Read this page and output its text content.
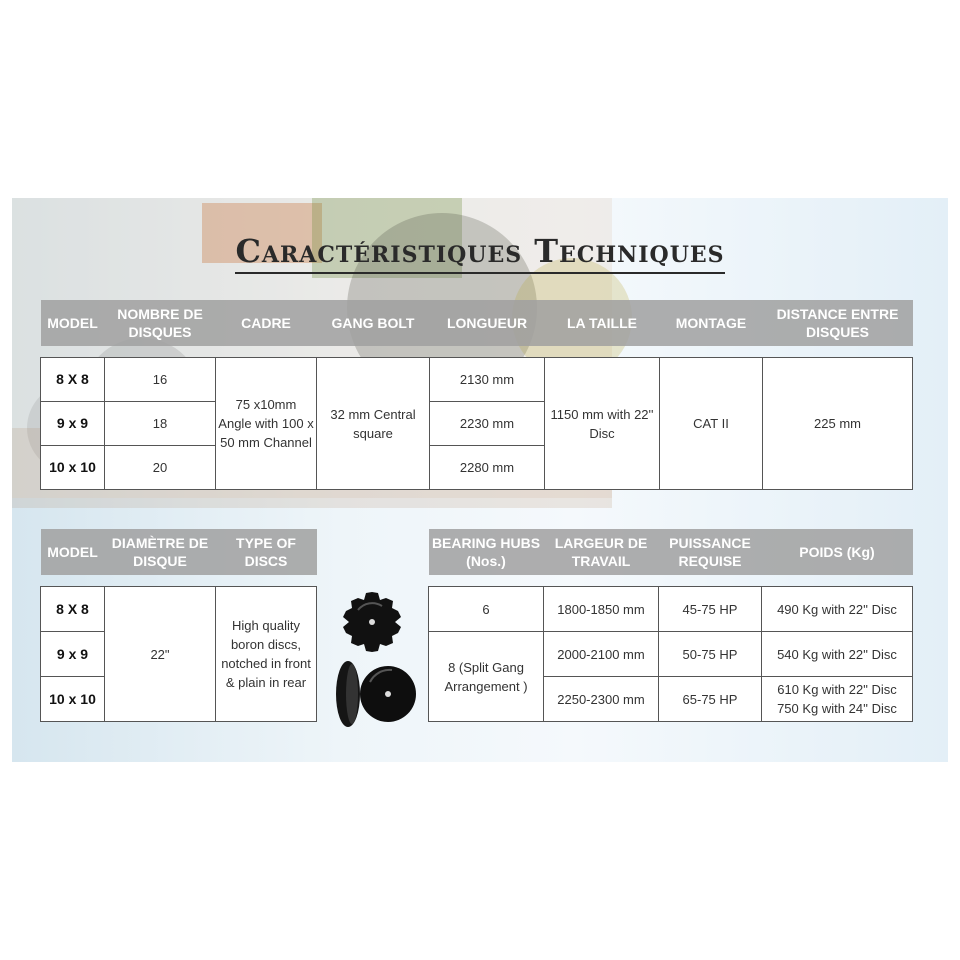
Caractéristiques Techniques
MODEL	NOMBRE DE DISQUES	CADRE	GANG BOLT	LONGUEUR	LA TAILLE	MONTAGE	DISTANCE ENTRE DISQUES

8 X 8	16	75 x10mm Angle with 100 x 50 mm Channel	32 mm Central square	2130 mm	1150 mm with 22'' Disc	CAT II	225 mm
9 x 9	18			2230 mm			
10 x 10	20			2280 mm			
MODEL	DIAMÈTRE DE DISQUE	TYPE OF DISCS

8 X 8	22"	High quality boron discs, notched in front & plain in rear
9 x 9		
10 x 10		
BEARING HUBS (Nos.)	LARGEUR DE TRAVAIL	PUISSANCE REQUISE	POIDS (Kg)

6	1800-1850 mm	45-75 HP	490 Kg with 22'' Disc
8 (Split Gang Arrangement )	2000-2100 mm	50-75 HP	540 Kg with 22'' Disc
	2250-2300 mm	65-75 HP	610 Kg with 22" Disc
750 Kg with 24'' Disc
